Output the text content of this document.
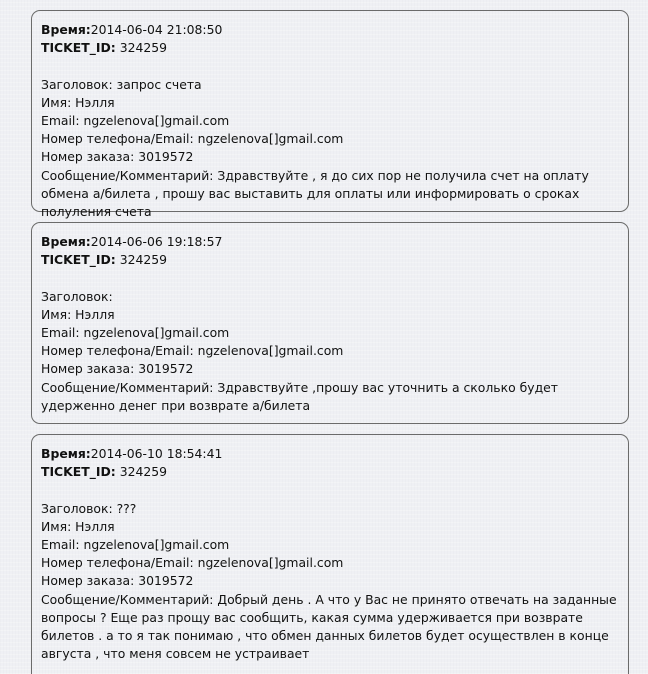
Время:2014-06-04 21:08:50
TICKET_ID: 324259
Заголовок: запрос счета
Имя: Нэлля
Email: ngzelenova[]gmail.com
Номер телефона/Email: ngzelenova[]gmail.com
Номер заказа: 3019572
Сообщение/Комментарий: Здравствуйте , я до сих пор не получила счет на оплату обмена а/билета , прошу вас выставить для оплаты или информировать о сроках полуления счета
Время:2014-06-06 19:18:57
TICKET_ID: 324259
Заголовок:
Имя: Нэлля
Email: ngzelenova[]gmail.com
Номер телефона/Email: ngzelenova[]gmail.com
Номер заказа: 3019572
Сообщение/Комментарий: Здравствуйте ,прошу вас уточнить а сколько будет удерженно денег при возврате а/билета
Время:2014-06-10 18:54:41
TICKET_ID: 324259
Заголовок: ???
Имя: Нэлля
Email: ngzelenova[]gmail.com
Номер телефона/Email: ngzelenova[]gmail.com
Номер заказа: 3019572
Сообщение/Комментарий: Добрый день . А что у Вас не принято отвечать на заданные вопросы ? Еще раз прощу вас сообщить, какая сумма удерживается при возврате билетов . а то я так понимаю , что обмен данных билетов будет осуществлен в конце августа , что меня совсем не устраивает
